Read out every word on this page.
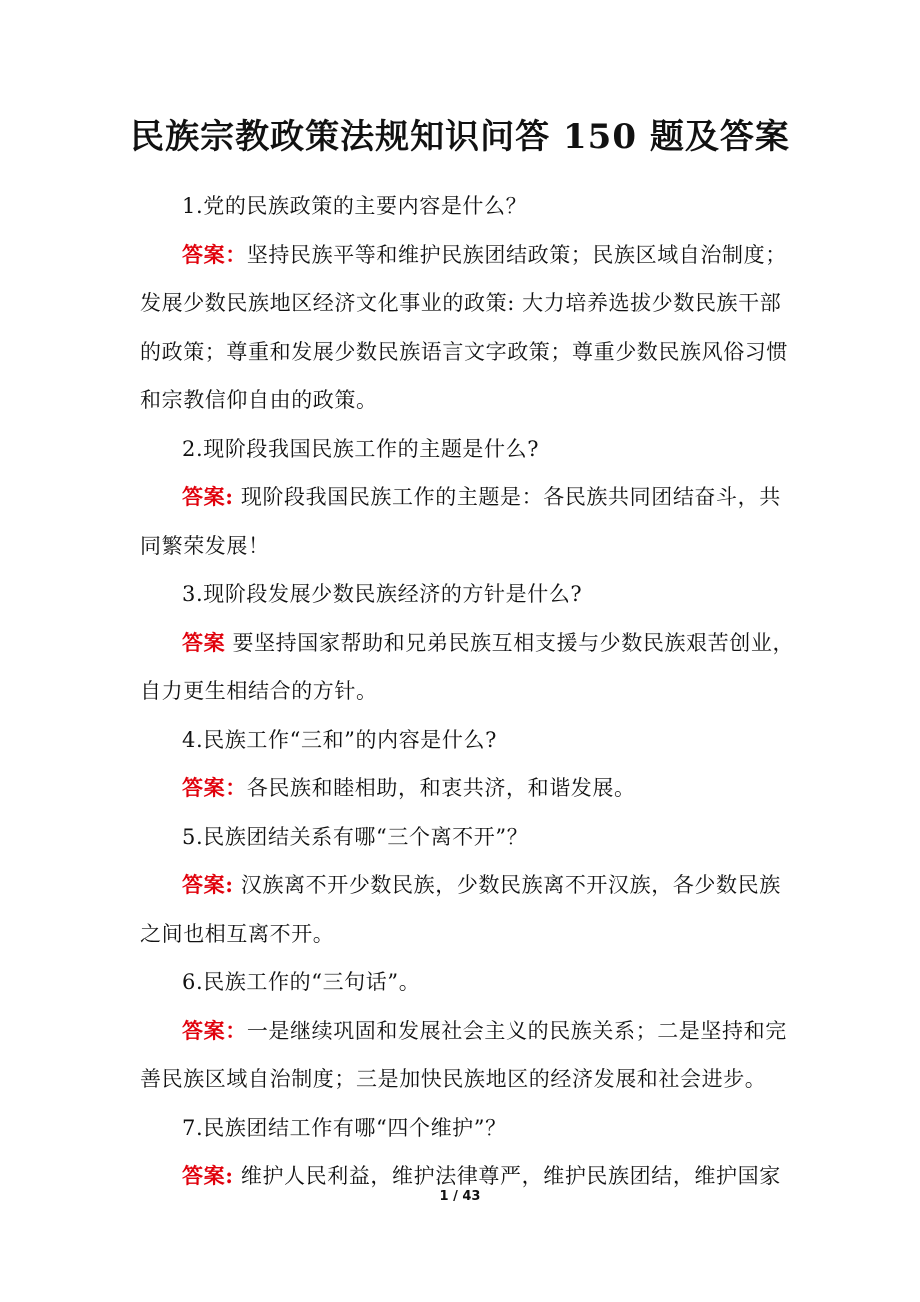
民族宗教政策法规知识问答 150 题及答案
1.党的民族政策的主要内容是什么？
答案：坚持民族平等和维护民族团结政策；民族区域自治制度；
发展少数民族地区经济文化事业的政策: 大力培养选拔少数民族干部
的政策；尊重和发展少数民族语言文字政策；尊重少数民族风俗习惯
和宗教信仰自由的政策。
2.现阶段我国民族工作的主题是什么?
答案: 现阶段我国民族工作的主题是：各民族共同团结奋斗，共
同繁荣发展！
3.现阶段发展少数民族经济的方针是什么?
答案 要坚持国家帮助和兄弟民族互相支援与少数民族艰苦创业，
自力更生相结合的方针。
4.民族工作“三和”的内容是什么?
答案：各民族和睦相助，和衷共济，和谐发展。
5.民族团结关系有哪“三个离不开”？
答案: 汉族离不开少数民族，少数民族离不开汉族，各少数民族
之间也相互离不开。
6.民族工作的“三句话”。
答案：一是继续巩固和发展社会主义的民族关系；二是坚持和完
善民族区域自治制度；三是加快民族地区的经济发展和社会进步。
7.民族团结工作有哪“四个维护”？
答案: 维护人民利益，维护法律尊严，维护民族团结，维护国家
1 / 43
